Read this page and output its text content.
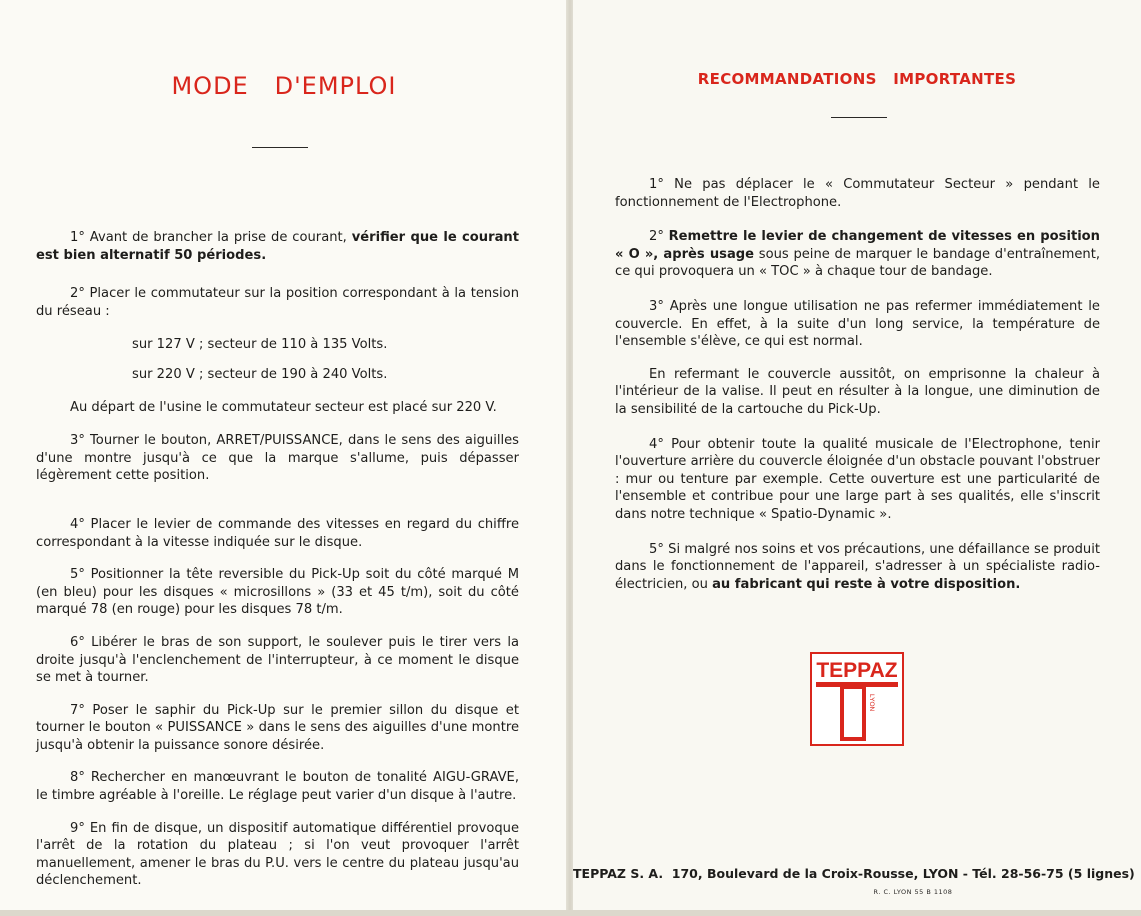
MODE   D'EMPLOI

1° Avant de brancher la prise de courant, vérifier que le courant est bien alternatif 50 périodes.

2° Placer le commutateur sur la position correspondant à la tension du réseau :

sur 127 V ; secteur de 110 à 135 Volts.

sur 220 V ; secteur de 190 à 240 Volts.

Au départ de l'usine le commutateur secteur est placé sur 220 V.

3° Tourner le bouton, ARRET/PUISSANCE, dans le sens des aiguilles d'une montre jusqu'à ce que la marque s'allume, puis dépasser légèrement cette position.

4° Placer le levier de commande des vitesses en regard du chiffre correspondant à la vitesse indiquée sur le disque.

5° Positionner la tête reversible du Pick-Up soit du côté marqué M (en bleu) pour les disques « microsillons » (33 et 45 t/m), soit du côté marqué 78 (en rouge) pour les disques 78 t/m.

6° Libérer le bras de son support, le soulever puis le tirer vers la droite jusqu'à l'enclenchement de l'interrupteur, à ce moment le disque se met à tourner.

7° Poser le saphir du Pick-Up sur le premier sillon du disque et tourner le bouton « PUISSANCE » dans le sens des aiguilles d'une montre jusqu'à obtenir la puissance sonore désirée.

8° Rechercher en manœuvrant le bouton de tonalité AIGU-GRAVE, le timbre agréable à l'oreille. Le réglage peut varier d'un disque à l'autre.

9° En fin de disque, un dispositif automatique différentiel provoque l'arrêt de la rotation du plateau ; si l'on veut provoquer l'arrêt manuellement, amener le bras du P.U. vers le centre du plateau jusqu'au déclenchement.

RECOMMANDATIONS   IMPORTANTES

1° Ne pas déplacer le « Commutateur Secteur » pendant le fonctionnement de l'Electrophone.

2° Remettre le levier de changement de vitesses en position « O », après usage sous peine de marquer le bandage d'entraînement, ce qui provoquera un « TOC » à chaque tour de bandage.

3° Après une longue utilisation ne pas refermer immédiatement le couvercle. En effet, à la suite d'un long service, la température de l'ensemble s'élève, ce qui est normal.

En refermant le couvercle aussitôt, on emprisonne la chaleur à l'intérieur de la valise. Il peut en résulter à la longue, une diminution de la sensibilité de la cartouche du Pick-Up.

4° Pour obtenir toute la qualité musicale de l'Electrophone, tenir l'ouverture arrière du couvercle éloignée d'un obstacle pouvant l'obstruer : mur ou tenture par exemple. Cette ouverture est une particularité de l'ensemble et contribue pour une large part à ses qualités, elle s'inscrit dans notre technique « Spatio-Dynamic ».

5° Si malgré nos soins et vos précautions, une défaillance se produit dans le fonctionnement de l'appareil, s'adresser à un spécialiste radio-électricien, ou au fabricant qui reste à votre disposition.

TEPPAZ
LYON
TEPPAZ S. A.  170, Boulevard de la Croix-Rousse, LYON - Tél. 28-56-75 (5 lignes)
R. C. LYON 55 B 1108
